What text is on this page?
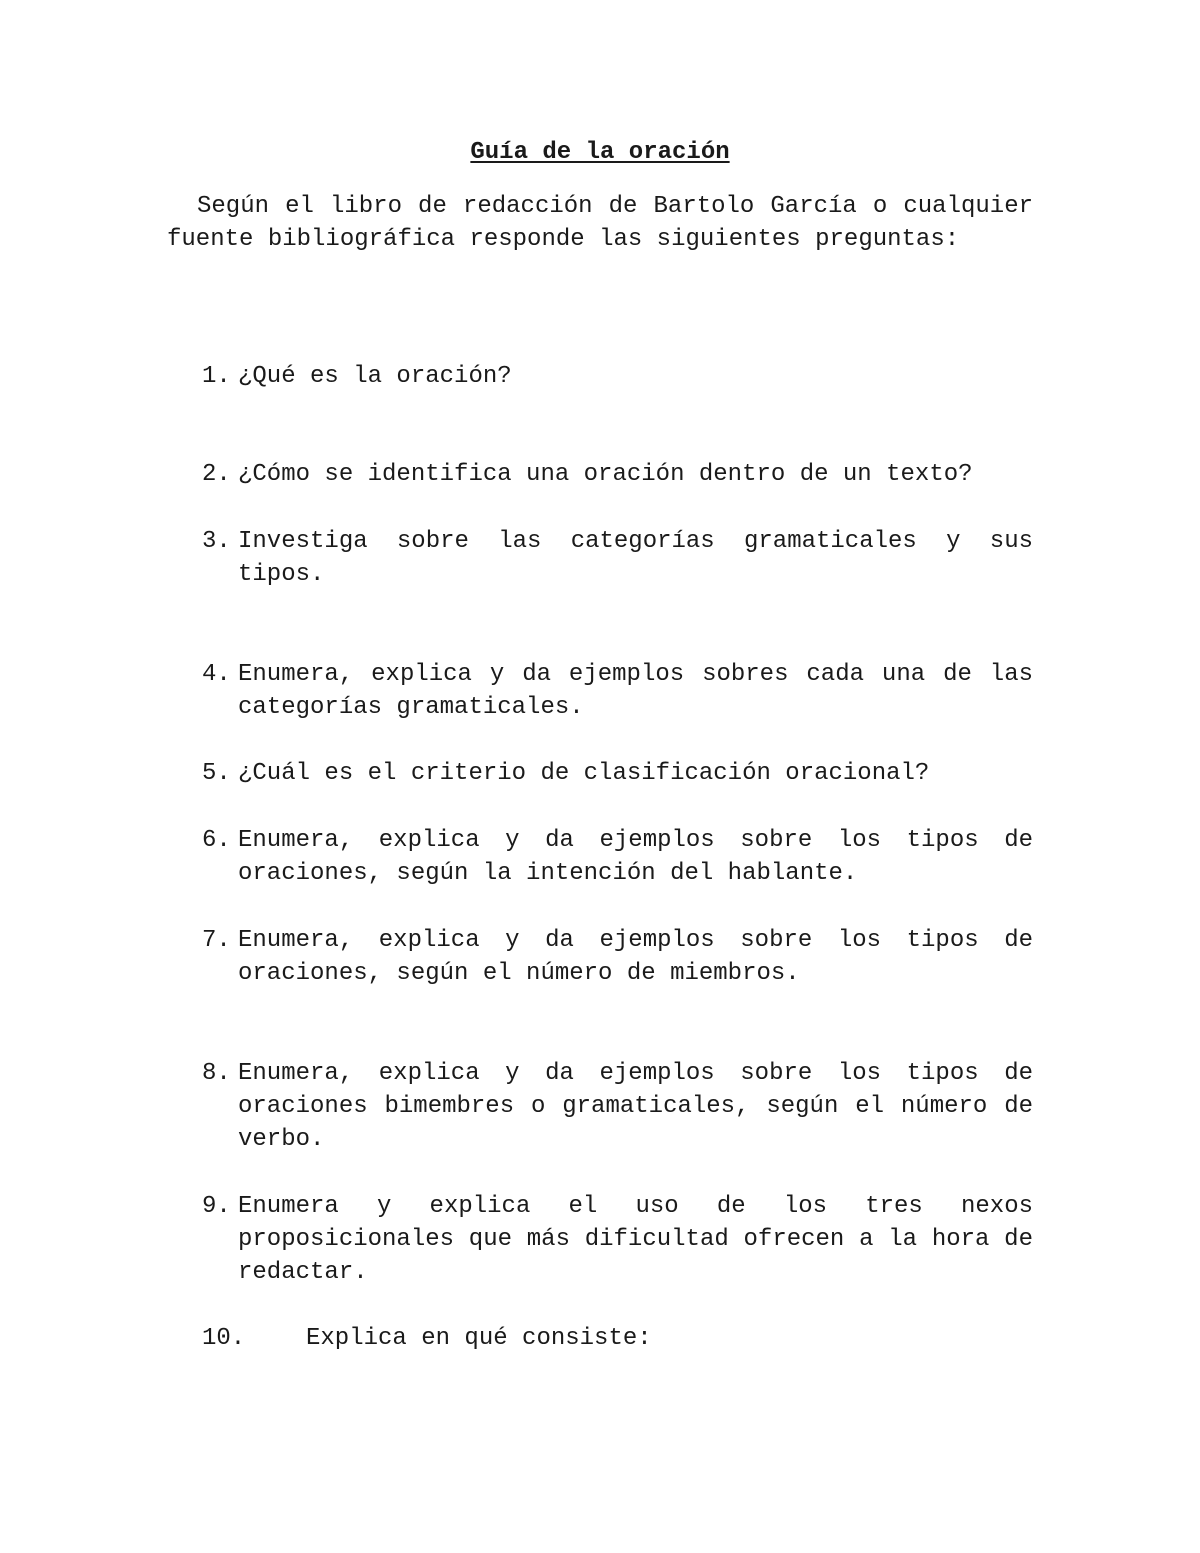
Guía de la oración

Según el libro de redacción de Bartolo García o cualquier fuente bibliográfica responde las siguientes preguntas:

1. ¿Qué es la oración?
2. ¿Cómo se identifica una oración dentro de un texto?
3. Investiga sobre las categorías gramaticales y sus tipos.
4. Enumera, explica y da ejemplos sobres cada una de las categorías gramaticales.
5. ¿Cuál es el criterio de clasificación oracional?
6. Enumera, explica y da ejemplos sobre los tipos de oraciones, según la intención del hablante.
7. Enumera, explica y da ejemplos sobre los tipos de oraciones, según el número de miembros.
8. Enumera, explica y da ejemplos sobre los tipos de oraciones bimembres o gramaticales, según el número de verbo.
9. Enumera y explica el uso de los tres nexos proposicionales que más dificultad ofrecen a la hora de redactar.
10.	Explica en qué consiste:
